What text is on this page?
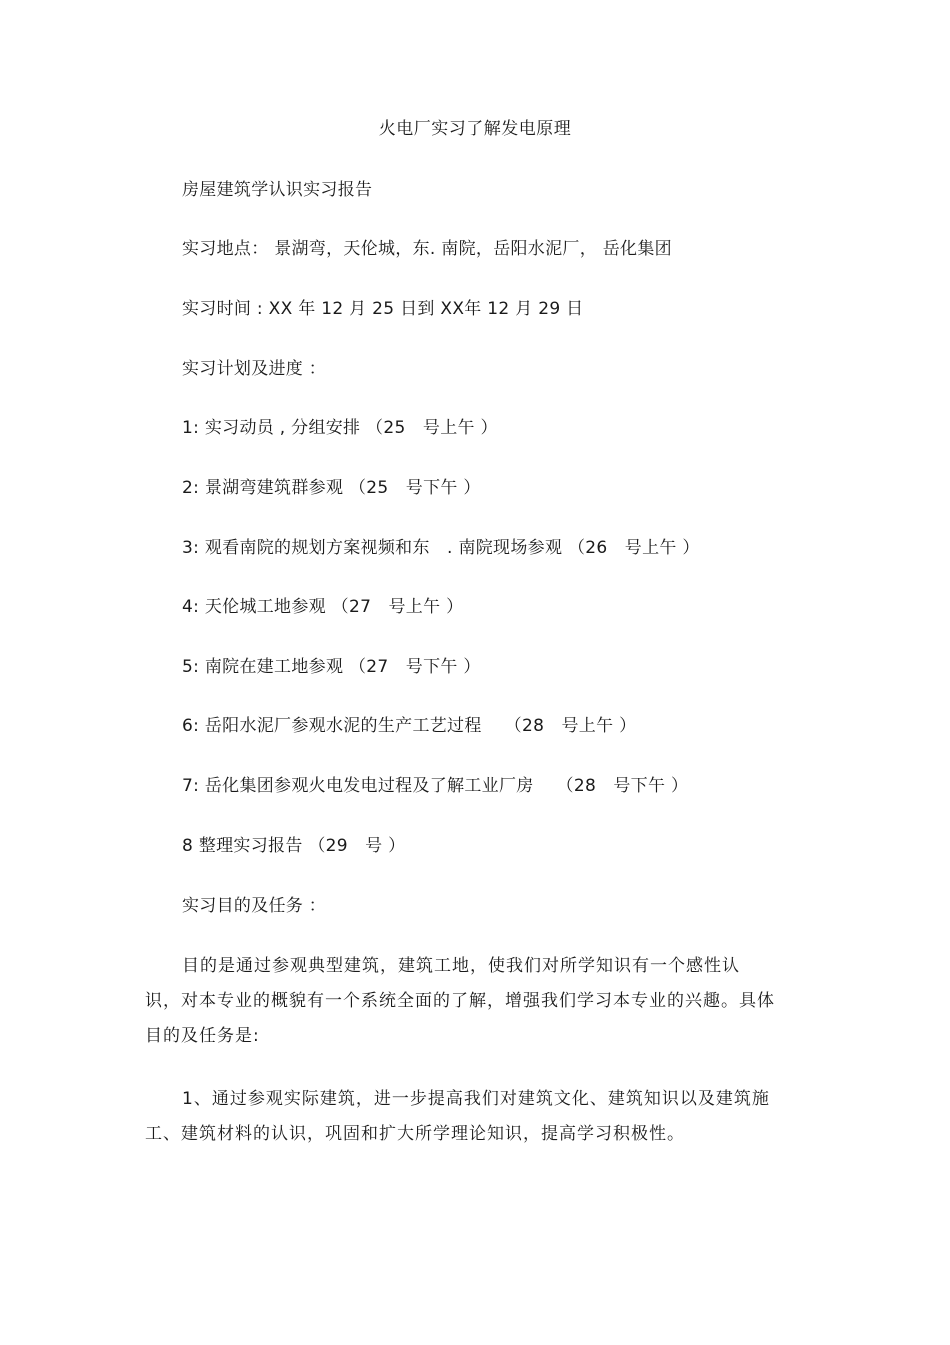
火电厂实习了解发电原理
房屋建筑学认识实习报告
实习地点： 景湖弯，天伦城，东. 南院，岳阳水泥厂， 岳化集团
实习时间 : XX 年 12 月 25 日到 XX年 12 月 29 日
实习计划及进度 ：
1: 实习动员 , 分组安排 （25　号上午 ）
2: 景湖弯建筑群参观 （25　号下午 ）
3: 观看南院的规划方案视频和东　. 南院现场参观 （26　号上午 ）
4: 天伦城工地参观 （27　号上午 ）
5: 南院在建工地参观 （27　号下午 ）
6: 岳阳水泥厂参观水泥的生产工艺过程　 （28　号上午 ）
7: 岳化集团参观火电发电过程及了解工业厂房　 （28　号下午 ）
8 整理实习报告 （29　号 ）
实习目的及任务 ：
目的是通过参观典型建筑，建筑工地，使我们对所学知识有一个感性认识，对本专业的概貌有一个系统全面的了解，增强我们学习本专业的兴趣。具体目的及任务是:
1、通过参观实际建筑，进一步提高我们对建筑文化、建筑知识以及建筑施工、建筑材料的认识，巩固和扩大所学理论知识，提高学习积极性。
